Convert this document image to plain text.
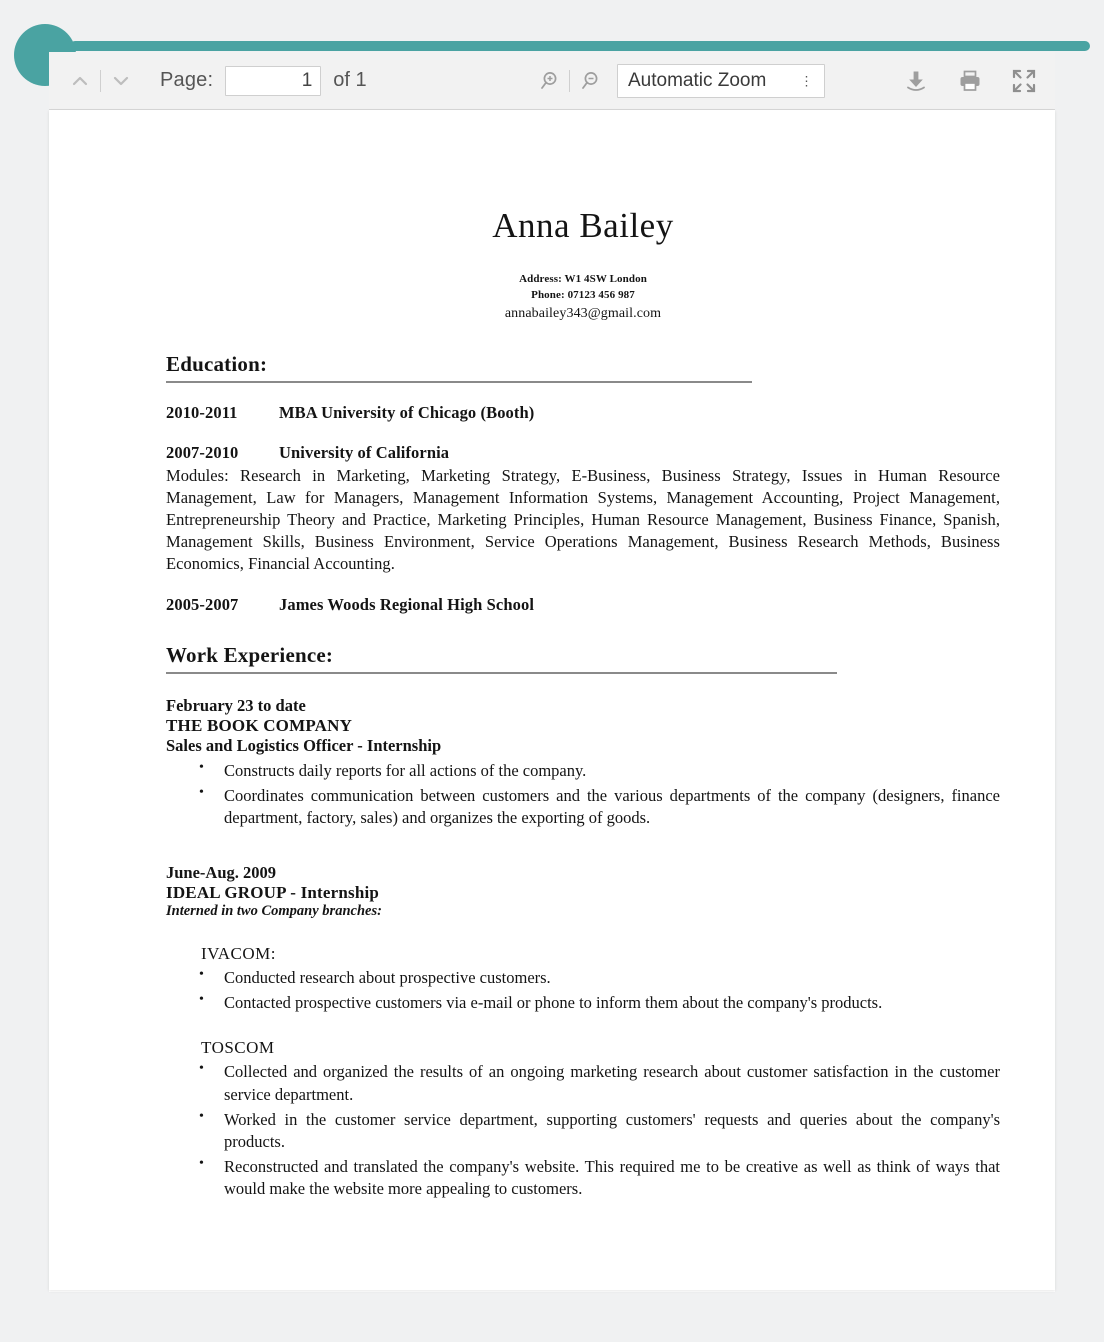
Page:
1	of 1
Automatic Zoom	⋮
Anna Bailey
Address: W1 4SW London
Phone: 07123 456 987
annabailey343@gmail.com
Education:
2010-2011	MBA University of Chicago (Booth)
2007-2010	University of California

Modules: Research in Marketing, Marketing Strategy, E-Business, Business Strategy, Issues in Human Resource Management, Law for Managers, Management Information Systems, Management Accounting, Project Management, Entrepreneurship Theory and Practice, Marketing Principles, Human Resource Management, Business Finance, Spanish, Management Skills, Business Environment, Service Operations Management, Business Research Methods, Business Economics, Financial Accounting.

2005-2007	James Woods Regional High School
Work Experience:
February 23 to date
THE BOOK COMPANY
Sales and Logistics Officer - Internship
• Constructs daily reports for all actions of the company.
• Coordinates communication between customers and the various departments of the company (designers, finance department, factory, sales) and organizes the exporting of goods.
June-Aug. 2009
IDEAL GROUP - Internship
Interned in two Company branches:
IVACOM:
• Conducted research about prospective customers.
• Contacted prospective customers via e-mail or phone to inform them about the company's products.
TOSCOM
• Collected and organized the results of an ongoing marketing research about customer satisfaction in the customer service department.
• Worked in the customer service department, supporting customers' requests and queries about the company's products.
• Reconstructed and translated the company's website. This required me to be creative as well as think of ways that would make the website more appealing to customers.
